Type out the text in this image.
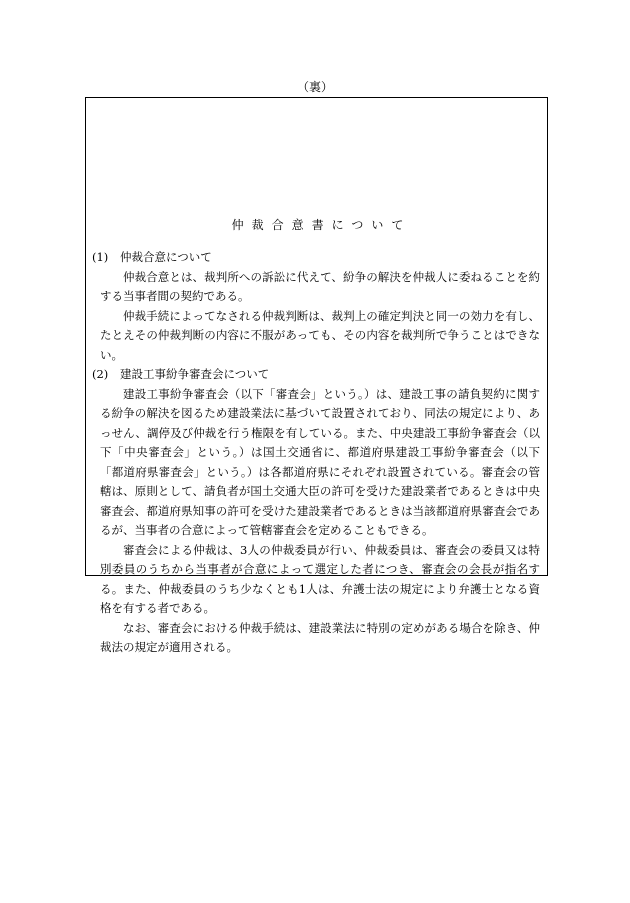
（裏）
仲裁合意書について
(1)	仲裁合意について

仲裁合意とは、裁判所への訴訟に代えて、紛争の解決を仲裁人に委ねることを約する当事者間の契約である。

仲裁手続によってなされる仲裁判断は、裁判上の確定判決と同一の効力を有し、たとえその仲裁判断の内容に不服があっても、その内容を裁判所で争うことはできない。

(2)	建設工事紛争審査会について

建設工事紛争審査会（以下「審査会」という。）は、建設工事の請負契約に関する紛争の解決を図るため建設業法に基づいて設置されており、同法の規定により、あっせん、調停及び仲裁を行う権限を有している。また、中央建設工事紛争審査会（以下「中央審査会」という。）は国土交通省に、都道府県建設工事紛争審査会（以下「都道府県審査会」という。）は各都道府県にそれぞれ設置されている。審査会の管轄は、原則として、請負者が国土交通大臣の許可を受けた建設業者であるときは中央審査会、都道府県知事の許可を受けた建設業者であるときは当該都道府県審査会であるが、当事者の合意によって管轄審査会を定めることもできる。

審査会による仲裁は、3人の仲裁委員が行い、仲裁委員は、審査会の委員又は特別委員のうちから当事者が合意によって選定した者につき、審査会の会長が指名する。また、仲裁委員のうち少なくとも1人は、弁護士法の規定により弁護士となる資格を有する者である。

なお、審査会における仲裁手続は、建設業法に特別の定めがある場合を除き、仲裁法の規定が適用される。
